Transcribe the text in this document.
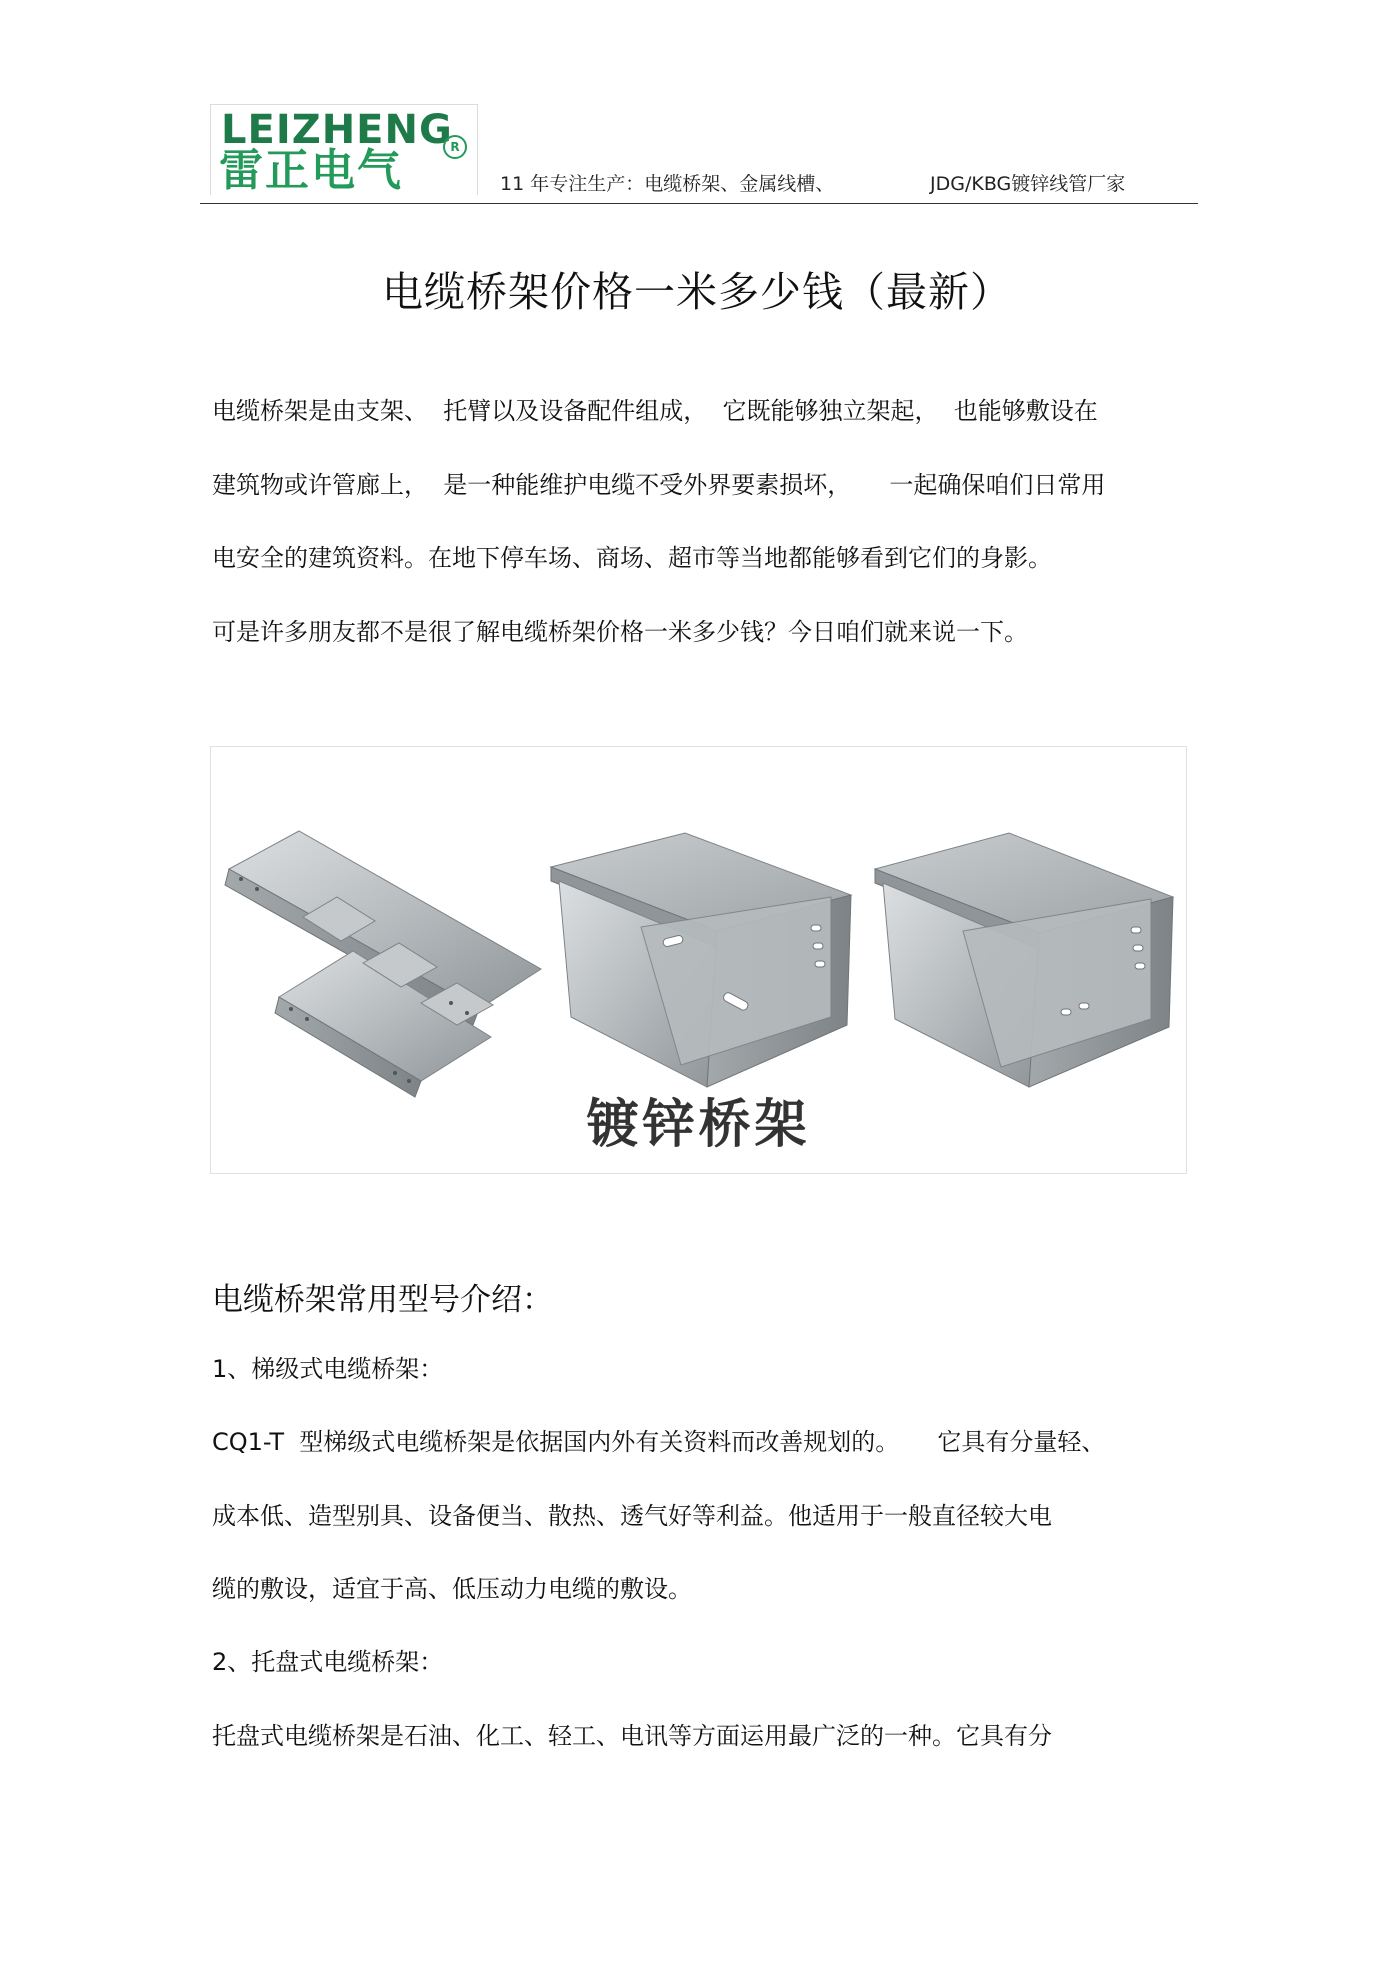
LEIZHENG
雷正电气	R
11 年专注生产：电缆桥架、金属线槽、	JDG/KBG镀锌线管厂家
电缆桥架价格一米多少钱（最新）
电缆桥架是由支架、  托臂以及设备配件组成，  它既能够独立架起，  也能够敷设在
建筑物或许管廊上，  是一种能维护电缆不受外界要素损坏，     一起确保咱们日常用
电安全的建筑资料。在地下停车场、商场、超市等当地都能够看到它们的身影。
可是许多朋友都不是很了解电缆桥架价格一米多少钱？今日咱们就来说一下。
镀锌桥架
电缆桥架常用型号介绍：
1、梯级式电缆桥架：
CQ1-T  型梯级式电缆桥架是依据国内外有关资料而改善规划的。     它具有分量轻、
成本低、造型别具、设备便当、散热、透气好等利益。他适用于一般直径较大电
缆的敷设，适宜于高、低压动力电缆的敷设。
2、托盘式电缆桥架：
托盘式电缆桥架是石油、化工、轻工、电讯等方面运用最广泛的一种。它具有分
